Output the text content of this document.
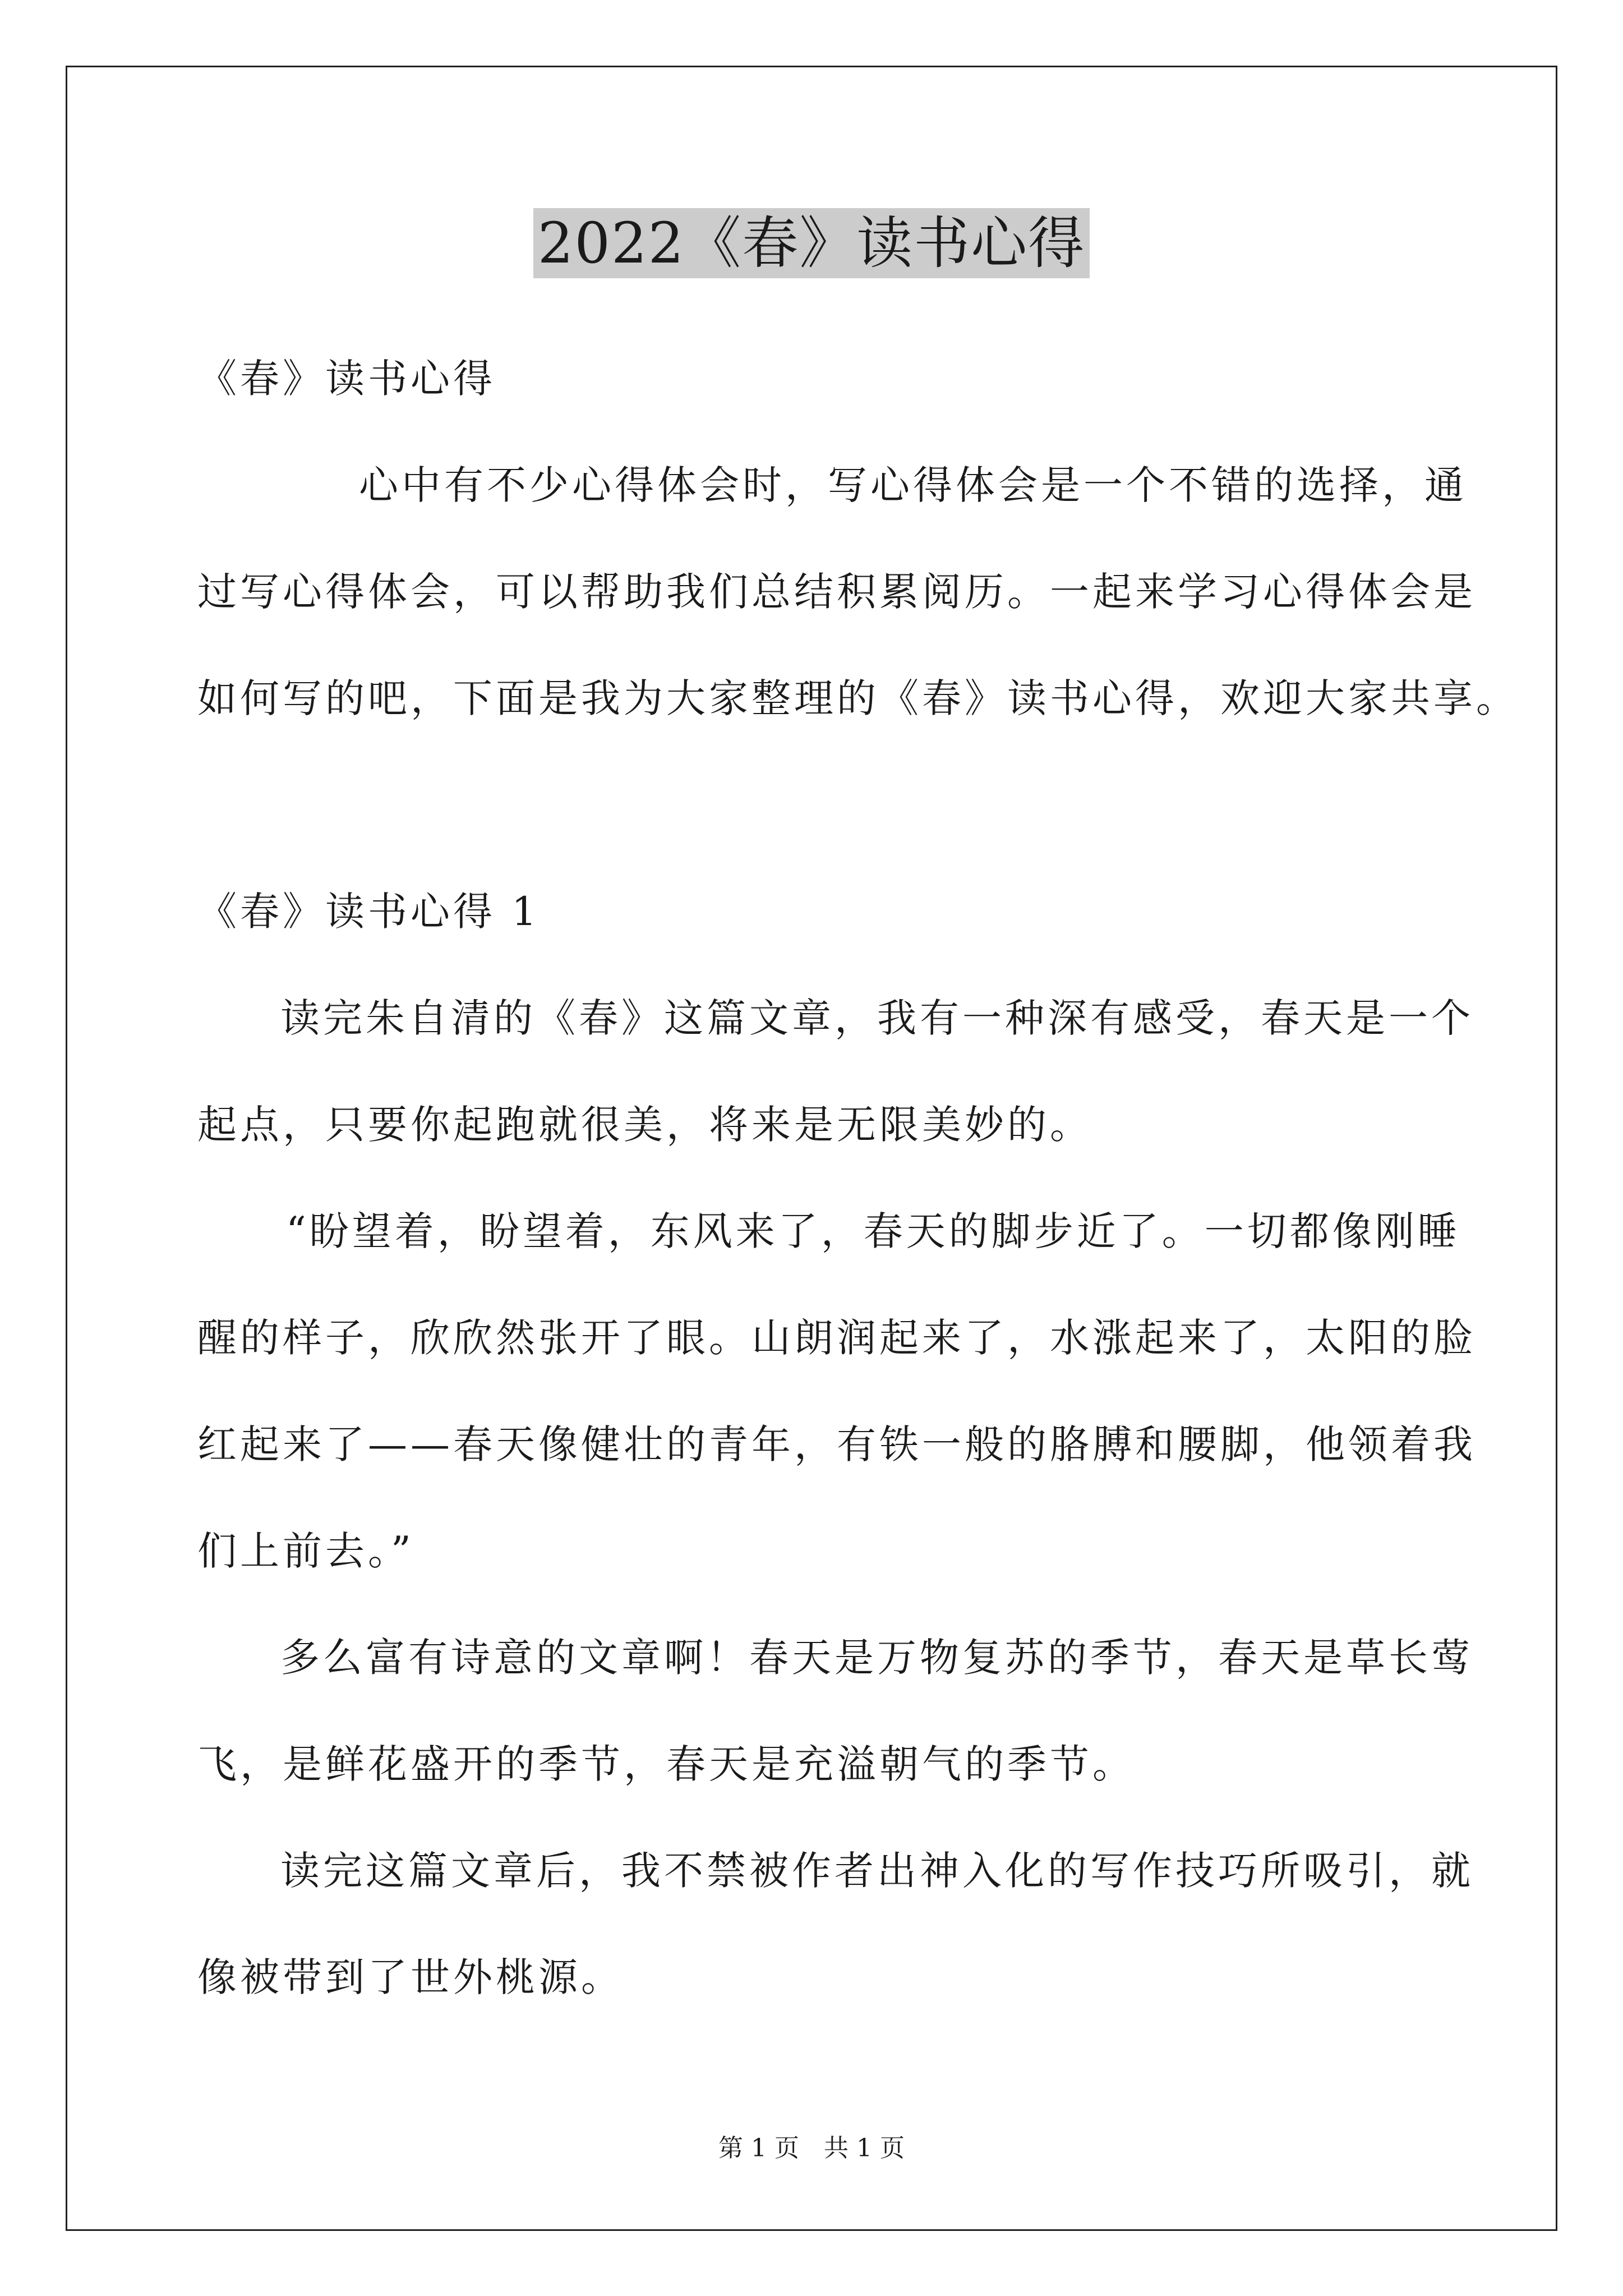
2022《春》读书心得
《春》读书心得
心中有不少心得体会时，写心得体会是一个不错的选择，通
过写心得体会，可以帮助我们总结积累阅历。一起来学习心得体会是
如何写的吧，下面是我为大家整理的《春》读书心得，欢迎大家共享。
《春》读书心得 1
读完朱自清的《春》这篇文章，我有一种深有感受，春天是一个
起点，只要你起跑就很美，将来是无限美妙的。
“盼望着，盼望着，东风来了，春天的脚步近了。一切都像刚睡
醒的样子，欣欣然张开了眼。山朗润起来了，水涨起来了，太阳的脸
红起来了——春天像健壮的青年，有铁一般的胳膊和腰脚，他领着我
们上前去。”
多么富有诗意的文章啊！春天是万物复苏的季节，春天是草长莺
飞，是鲜花盛开的季节，春天是充溢朝气的季节。
读完这篇文章后，我不禁被作者出神入化的写作技巧所吸引，就
像被带到了世外桃源。
第 1 页　共 1 页
